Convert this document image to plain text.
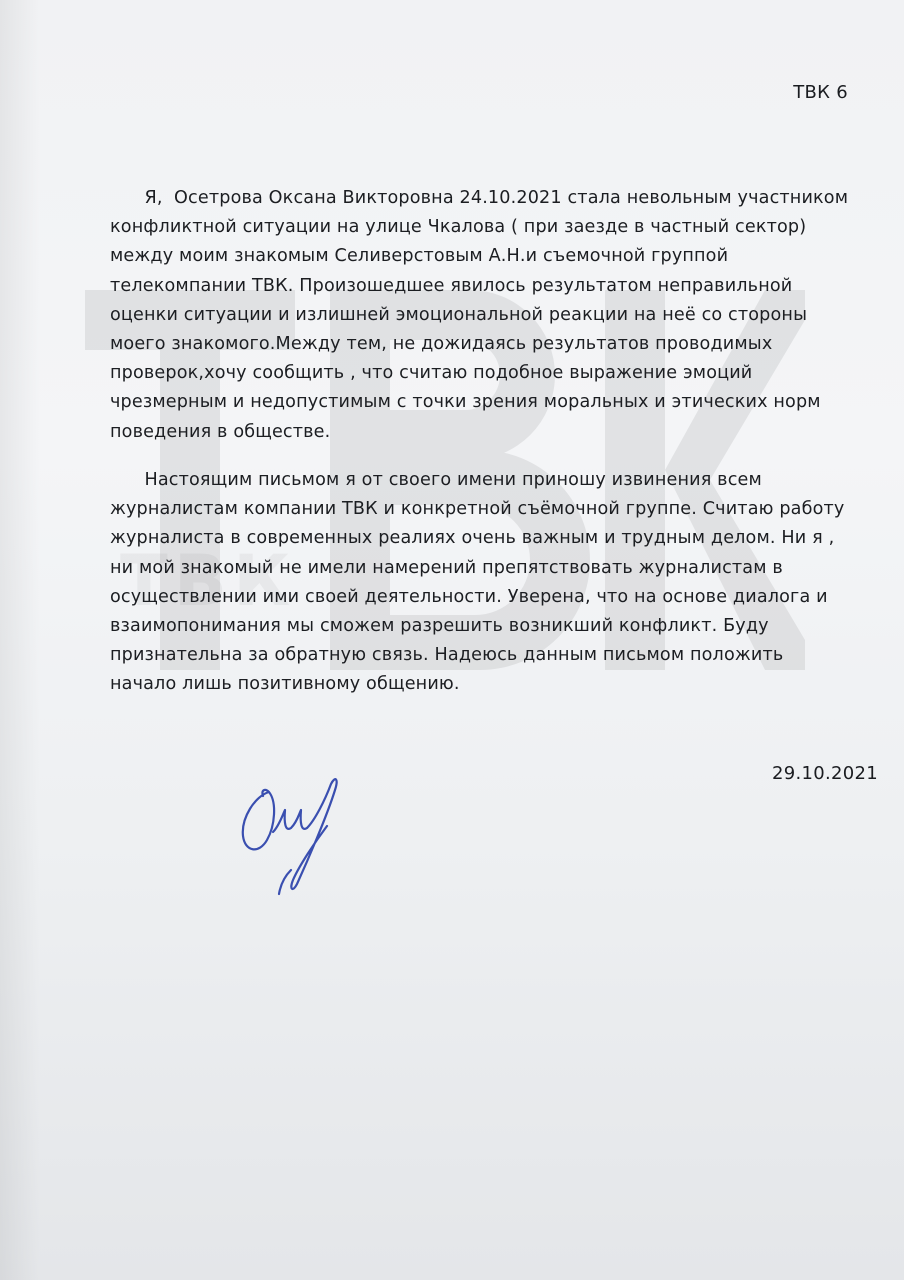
ТВК 6

Я,  Осетрова Оксана Викторовна 24.10.2021 стала невольным участником
конфликтной ситуации на улице Чкалова ( при заезде в частный сектор)
между моим знакомым Селиверстовым А.Н.и съемочной группой
телекомпании ТВК. Произошедшее явилось результатом неправильной
оценки ситуации и излишней эмоциональной реакции на неё со стороны
моего знакомого.Между тем, не дожидаясь результатов проводимых
проверок,хочу сообщить , что считаю подобное выражение эмоций
чрезмерным и недопустимым с точки зрения моральных и этических норм
поведения в обществе.

Настоящим письмом я от своего имени приношу извинения всем
журналистам компании ТВК и конкретной съёмочной группе. Считаю работу
журналиста в современных реалиях очень важным и трудным делом. Ни я ,
ни мой знакомый не имели намерений препятствовать журналистам в
осуществлении ими своей деятельности. Уверена, что на основе диалога и
взаимопонимания мы сможем разрешить возникший конфликт. Буду
признательна за обратную связь. Надеюсь данным письмом положить
начало лишь позитивному общению.

29.10.2021
